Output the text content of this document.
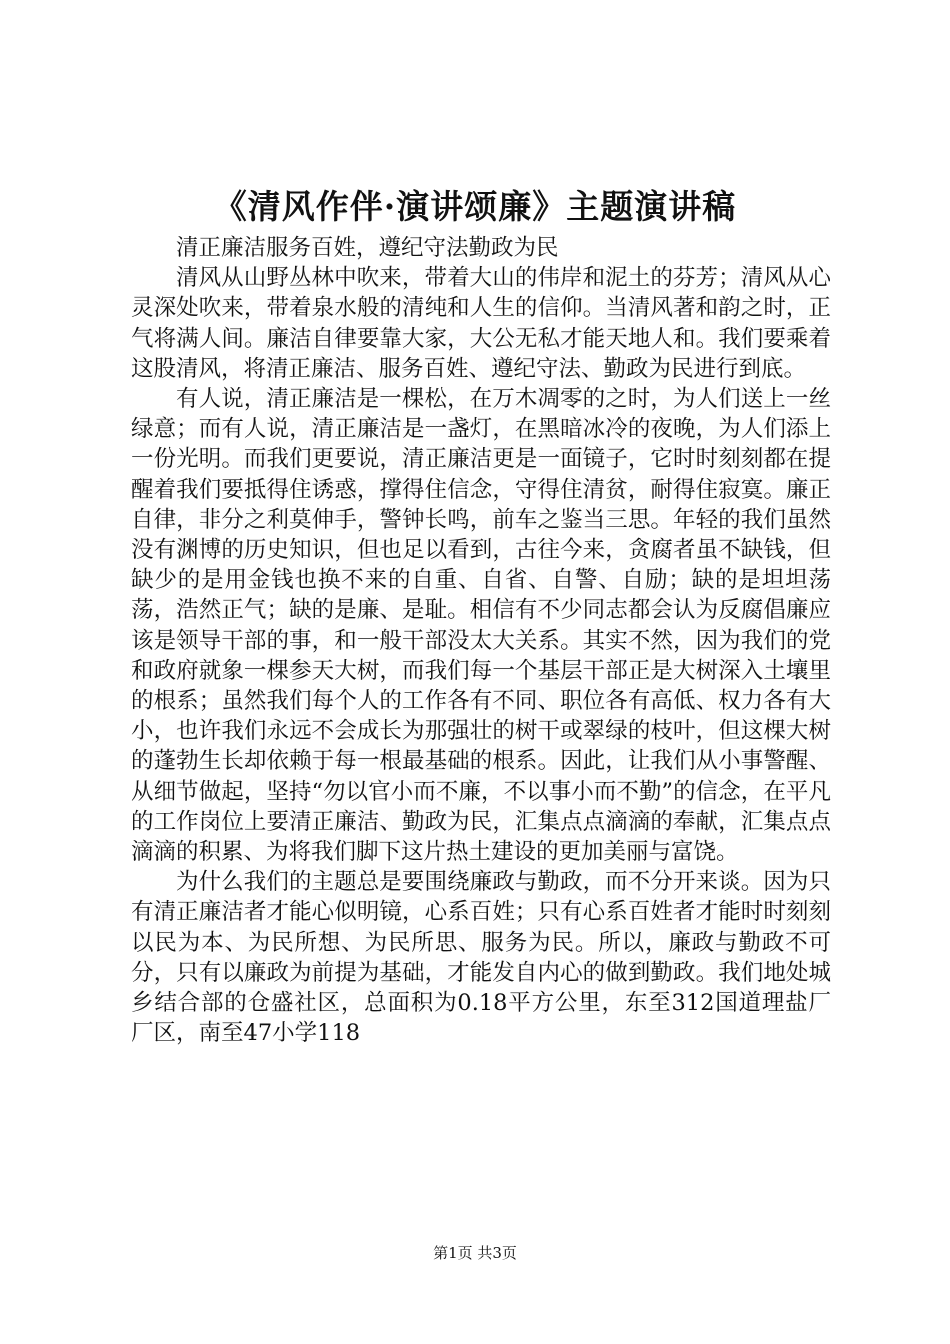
《清风作伴·演讲颂廉》主题演讲稿

清正廉洁服务百姓，遵纪守法勤政为民

清风从山野丛林中吹来，带着大山的伟岸和泥土的芬芳；清风从心灵深处吹来，带着泉水般的清纯和人生的信仰。当清风著和韵之时，正气将满人间。廉洁自律要靠大家，大公无私才能天地人和。我们要乘着这股清风，将清正廉洁、服务百姓、遵纪守法、勤政为民进行到底。

有人说，清正廉洁是一棵松，在万木凋零的之时，为人们送上一丝绿意；而有人说，清正廉洁是一盏灯，在黑暗冰冷的夜晚，为人们添上一份光明。而我们更要说，清正廉洁更是一面镜子，它时时刻刻都在提醒着我们要抵得住诱惑，撑得住信念，守得住清贫，耐得住寂寞。廉正自律，非分之利莫伸手，警钟长鸣，前车之鉴当三思。年轻的我们虽然没有渊博的历史知识，但也足以看到，古往今来，贪腐者虽不缺钱，但缺少的是用金钱也换不来的自重、自省、自警、自励；缺的是坦坦荡荡，浩然正气；缺的是廉、是耻。相信有不少同志都会认为反腐倡廉应该是领导干部的事，和一般干部没太大关系。其实不然，因为我们的党和政府就象一棵参天大树，而我们每一个基层干部正是大树深入土壤里的根系；虽然我们每个人的工作各有不同、职位各有高低、权力各有大小，也许我们永远不会成长为那强壮的树干或翠绿的枝叶，但这棵大树的蓬勃生长却依赖于每一根最基础的根系。因此，让我们从小事警醒、从细节做起，坚持“勿以官小而不廉，不以事小而不勤”的信念，在平凡的工作岗位上要清正廉洁、勤政为民，汇集点点滴滴的奉献，汇集点点滴滴的积累、为将我们脚下这片热土建设的更加美丽与富饶。

为什么我们的主题总是要围绕廉政与勤政，而不分开来谈。因为只有清正廉洁者才能心似明镜，心系百姓；只有心系百姓者才能时时刻刻以民为本、为民所想、为民所思、服务为民。所以，廉政与勤政不可分，只有以廉政为前提为基础，才能发自内心的做到勤政。我们地处城乡结合部的仓盛社区，总面积为0.18平方公里，东至312国道理盐厂厂区，南至47小学118

第1页 共3页
